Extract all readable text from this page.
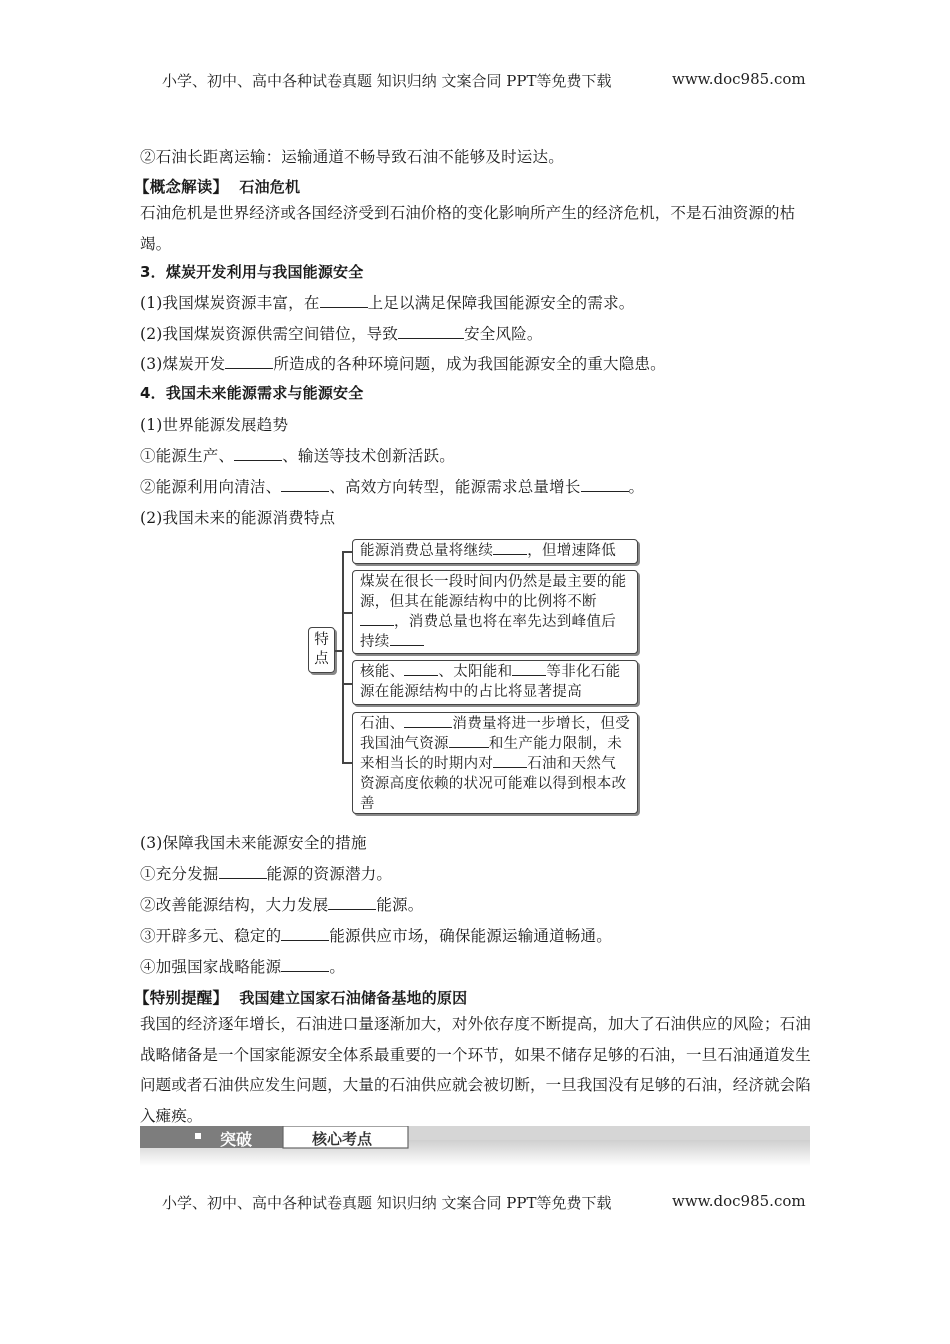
小学、初中、高中各种试卷真题 知识归纳 文案合同 PPT等免费下载	www.doc985.com
小学、初中、高中各种试卷真题 知识归纳 文案合同 PPT等免费下载	www.doc985.com
②石油长距离运输：运输通道不畅导致石油不能够及时运达。
【概念解读】 石油危机
石油危机是世界经济或各国经济受到石油价格的变化影响所产生的经济危机，不是石油资源的枯竭。
3．煤炭开发利用与我国能源安全
(1)我国煤炭资源丰富，在	上足以满足保障我国能源安全的需求。
(2)我国煤炭资源供需空间错位，导致	安全风险。
(3)煤炭开发	所造成的各种环境问题，成为我国能源安全的重大隐患。
4．我国未来能源需求与能源安全
(1)世界能源发展趋势
①能源生产、	、输送等技术创新活跃。
②能源利用向清洁、	、高效方向转型，能源需求总量增长	。
(2)我国未来的能源消费特点
特
点
能源消费总量将继续 ，但增速降低
煤炭在很长一段时间内仍然是最主要的能源，但其在能源结构中的比例将不断，消费总量也将在率先达到峰值后持续
核能、 、太阳能和 等非化石能源在能源结构中的占比将显著提高
石油、	消费量将进一步增长，但受我国油气资源	和生产能力限制，未来相当长的时期内对 石油和天然气资源高度依赖的状况可能难以得到根本改善
(3)保障我国未来能源安全的措施
①充分发掘	能源的资源潜力。
②改善能源结构，大力发展	能源。
③开辟多元、稳定的	能源供应市场，确保能源运输通道畅通。
④加强国家战略能源	。
【特别提醒】 我国建立国家石油储备基地的原因
我国的经济逐年增长，石油进口量逐渐加大，对外依存度不断提高，加大了石油供应的风险；石油战略储备是一个国家能源安全体系最重要的一个环节，如果不储存足够的石油，一旦石油通道发生问题或者石油供应发生问题，大量的石油供应就会被切断，一旦我国没有足够的石油，经济就会陷入瘫痪。
突破	核心考点
